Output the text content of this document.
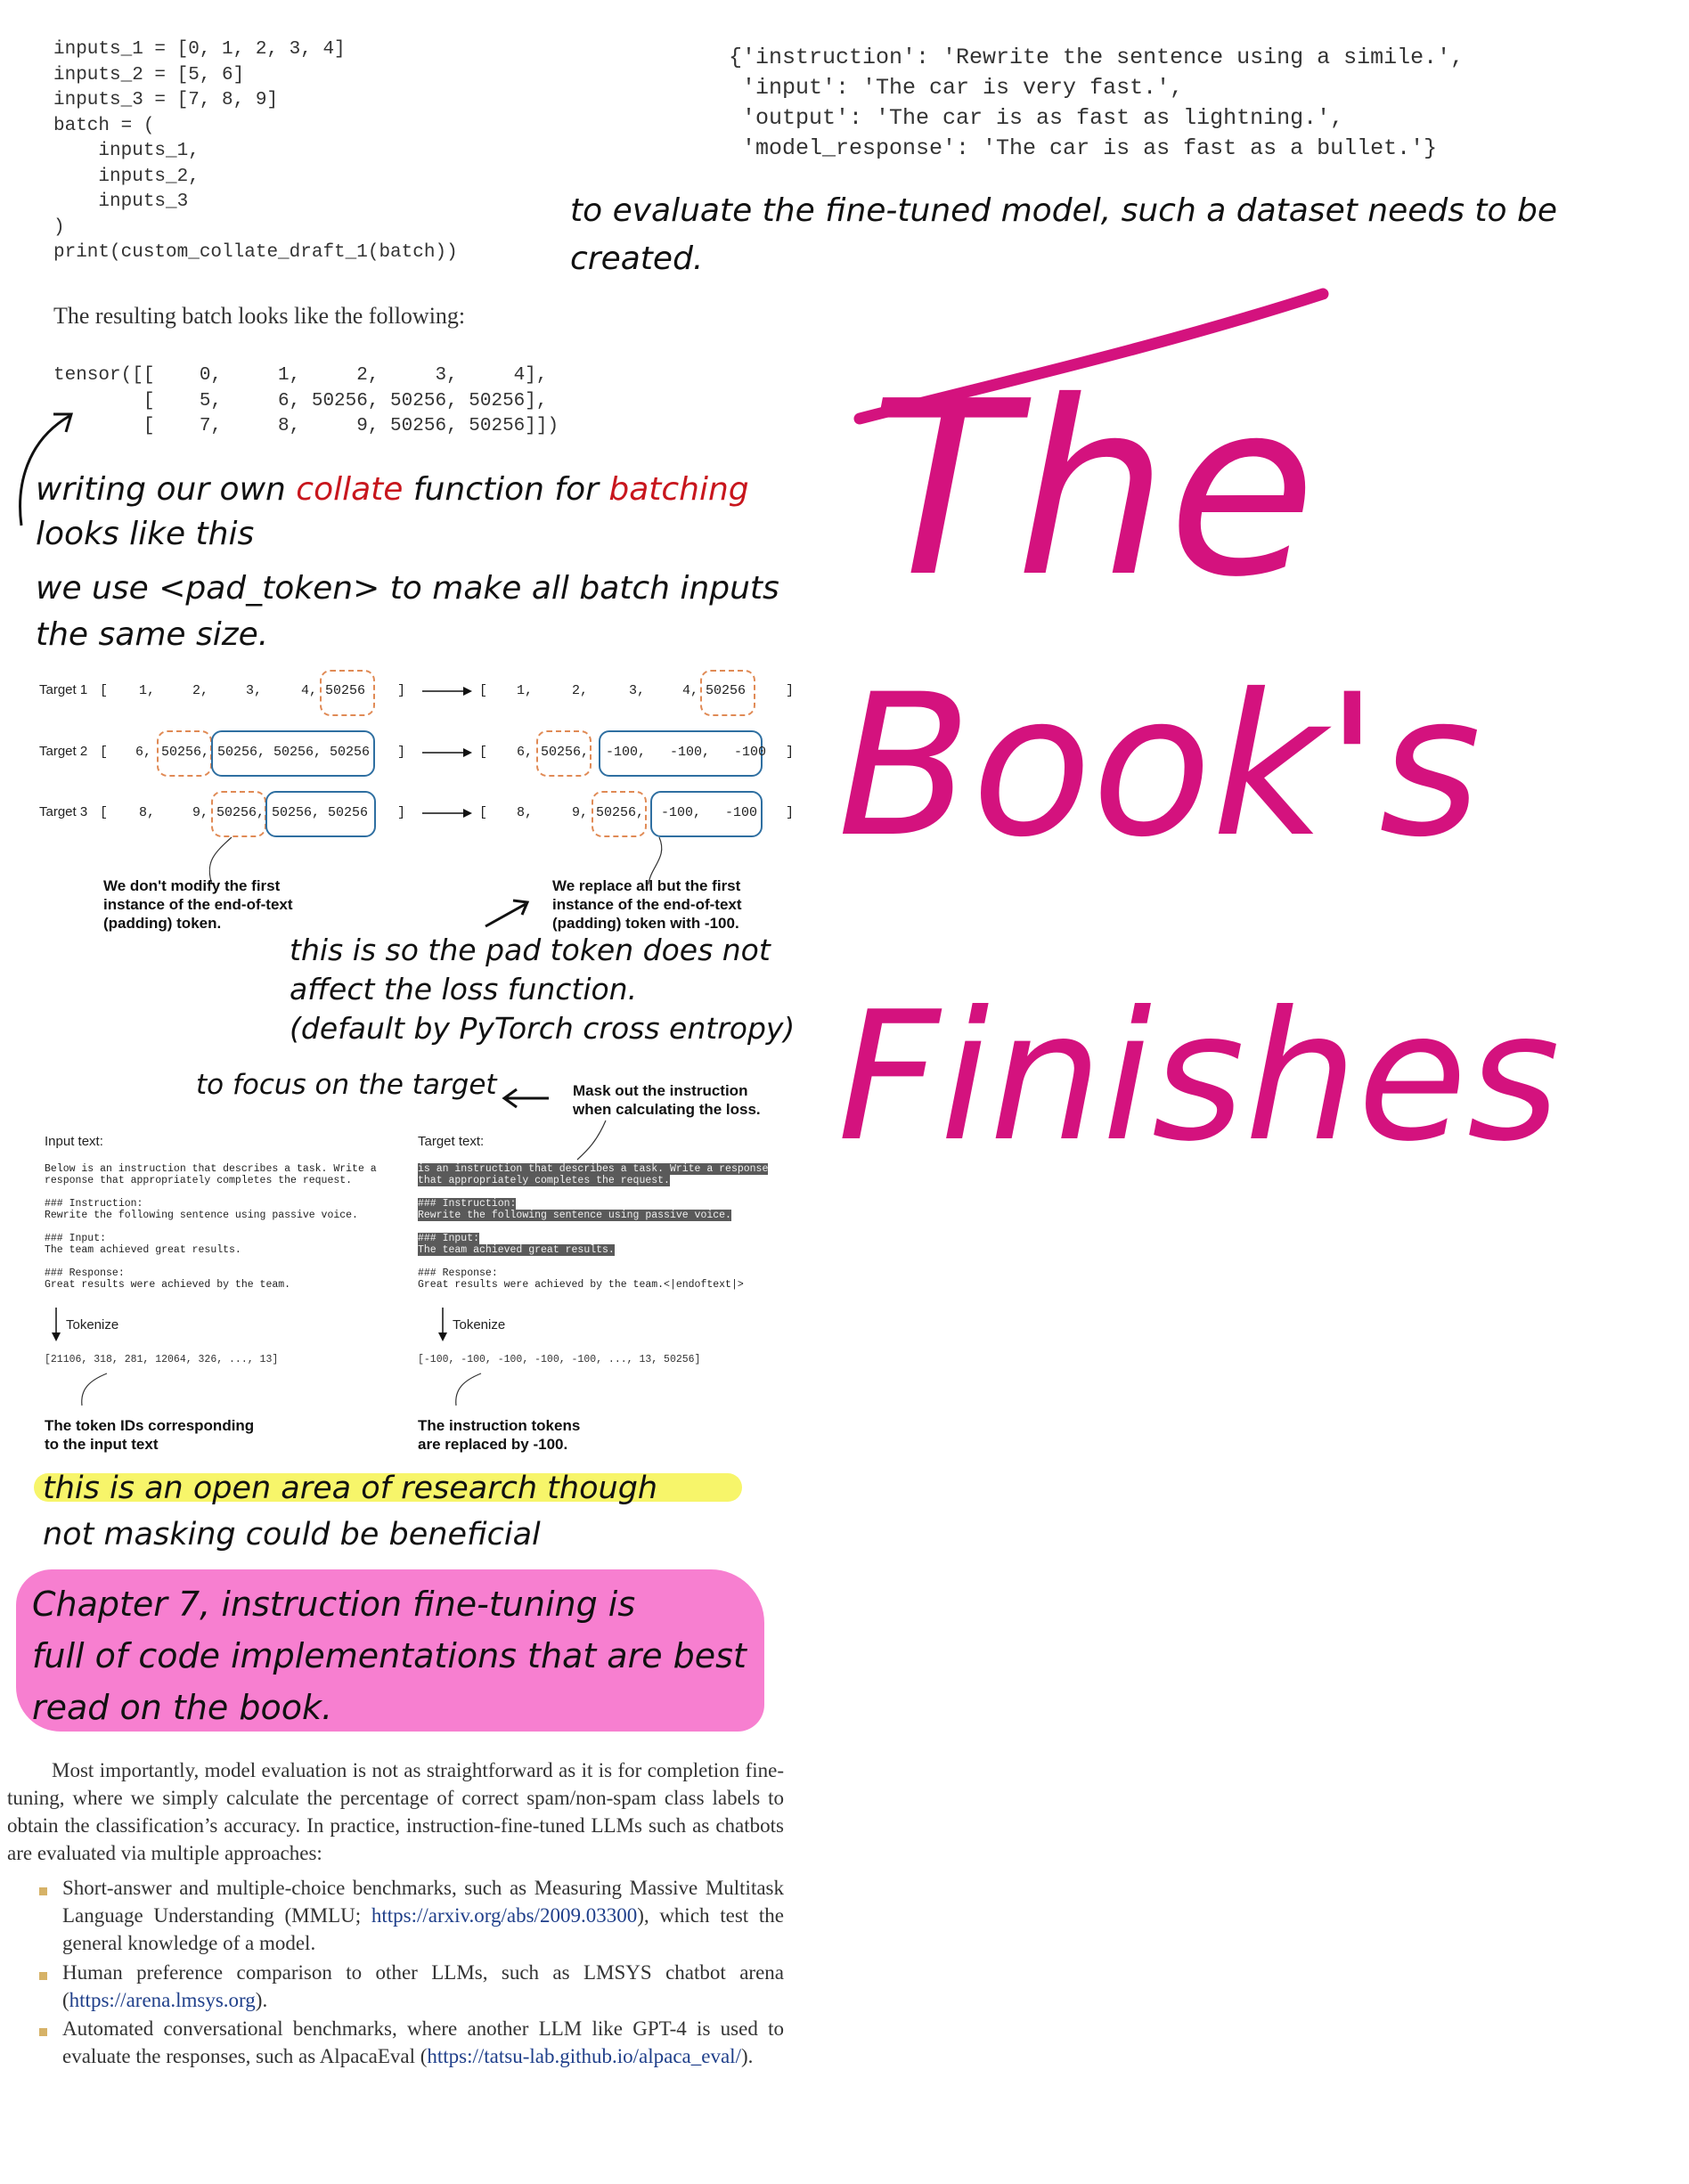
inputs_1 = [0, 1, 2, 3, 4]
inputs_2 = [5, 6]
inputs_3 = [7, 8, 9]
batch = (
inputs_1,
inputs_2,
inputs_3
)
print(custom_collate_draft_1(batch))
{'instruction': 'Rewrite the sentence using a simile.',
'input': 'The car is very fast.',
'output': 'The car is as fast as lightning.',
'model_response': 'The car is as fast as a bullet.'}
to evaluate the fine-tuned model, such a dataset needs to be
created.
The resulting batch looks like the following:
tensor([[    0,     1,     2,     3,     4],
[    5,     6, 50256, 50256, 50256],
[    7,     8,     9, 50256, 50256]])
writing our own collate function for batching
looks like this
we use <pad_token> to make all batch inputs
the same size.
Target 1 [ 1,	2,	3,	4, 50256 ]	[ 1,	2,	3,	4, 50256	]
Target 2 [ 6, 50256, 50256, 50256, 50256 ]	[ 6, 50256, -100,   -100,   -100 ]
Target 3 [ 8,	9, 50256, 50256, 50256 ]	[ 8,	9, 50256, -100,   -100 ]
We don't modify the first
instance of the end-of-text
(padding) token.
We replace all but the first
instance of the end-of-text
(padding) token with -100.
this is so the pad token does not
affect the loss function.
(default by PyTorch cross entropy)
to focus on the target	Mask out the instruction
when calculating the loss.
Input text:
Below is an instruction that describes a task. Write a
response that appropriately completes the request.
### Instruction:
Rewrite the following sentence using passive voice.
### Input:
The team achieved great results.
### Response:
Great results were achieved by the team.
Tokenize
[21106, 318, 281, 12064, 326, ..., 13]
The token IDs corresponding
to the input text
Target text:
is an instruction that describes a task. Write a response
that appropriately completes the request.
### Instruction:
Rewrite the following sentence using passive voice.
### Input:
The team achieved great results.
### Response:
Great results were achieved by the team.<|endoftext|>
Tokenize
[-100, -100, -100, -100, -100, ..., 13, 50256]
The instruction tokens
are replaced by -100.
this is an open area of research though
not masking could be beneficial
Chapter 7, instruction fine-tuning is
full of code implementations that are best
read on the book.
The
Book's
Finishes
Most importantly, model evaluation is not as straightforward as it is for completion fine-tuning, where we simply calculate the percentage of correct spam/non-spam class labels to obtain the classification’s accuracy. In practice, instruction-fine-tuned LLMs such as chatbots are evaluated via multiple approaches:
Short-answer and multiple-choice benchmarks, such as Measuring Massive Multitask Language Understanding (MMLU; https://arxiv.org/abs/2009.03300), which test the general knowledge of a model.
Human preference comparison to other LLMs, such as LMSYS chatbot arena (https://arena.lmsys.org).
Automated conversational benchmarks, where another LLM like GPT-4 is used to evaluate the responses, such as AlpacaEval (https://tatsu-lab.github.io/alpaca_eval/).
